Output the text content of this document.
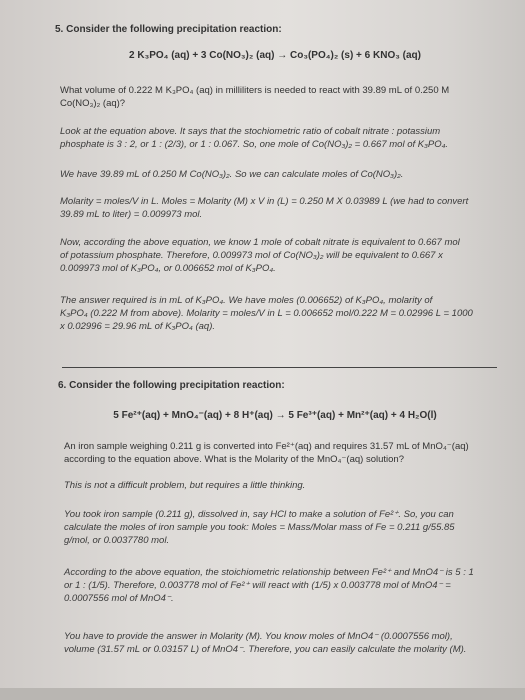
5. Consider the following precipitation reaction:
2 K₃PO₄ (aq) + 3 Co(NO₃)₂ (aq) → Co₃(PO₄)₂ (s) + 6 KNO₃ (aq)
What volume of 0.222 M K₃PO₄ (aq) in milliliters is needed to react with 39.89 mL of 0.250 M
Co(NO₃)₂ (aq)?
Look at the equation above. It says that the stochiometric ratio of cobalt nitrate : potassium
phosphate is 3 : 2, or 1 : (2/3), or 1 : 0.067. So, one mole of Co(NO₃)₂ = 0.667 mol of K₃PO₄.
We have 39.89 mL of 0.250 M Co(NO₃)₂. So we can calculate moles of Co(NO₃)₂.
Molarity = moles/V in L. Moles = Molarity (M) x V in (L) = 0.250 M X 0.03989 L (we had to convert
39.89 mL to liter) = 0.009973 mol.
Now, according the above equation, we know 1 mole of cobalt nitrate is equivalent to 0.667 mol
of potassium phosphate. Therefore, 0.009973 mol of Co(NO₃)₂ will be equivalent to 0.667 x
0.009973 mol of K₃PO₄, or 0.006652 mol of K₃PO₄.
The answer required is in mL of K₃PO₄. We have moles (0.006652) of K₃PO₄, molarity of
K₃PO₄ (0.222 M from above). Molarity = moles/V in L = 0.006652 mol/0.222 M = 0.02996 L = 1000
x 0.02996 = 29.96 mL of K₃PO₄ (aq).
6. Consider the following precipitation reaction:
5 Fe²⁺(aq) + MnO₄⁻(aq) + 8 H⁺(aq) → 5 Fe³⁺(aq) + Mn²⁺(aq) + 4 H₂O(l)
An iron sample weighing 0.211 g is converted into Fe²⁺(aq) and requires 31.57 mL of MnO₄⁻(aq)
according to the equation above. What is the Molarity of the MnO₄⁻(aq) solution?
This is not a difficult problem, but requires a little thinking.
You took iron sample (0.211 g), dissolved in, say HCl to make a solution of Fe²⁺. So, you can
calculate the moles of iron sample you took: Moles = Mass/Molar mass of Fe = 0.211 g/55.85
g/mol, or 0.0037780 mol.
According to the above equation, the stoichiometric relationship between Fe²⁺ and MnO4⁻ is 5 : 1
or 1 : (1/5). Therefore, 0.003778 mol of Fe²⁺ will react with (1/5) x 0.003778 mol of MnO4⁻ =
0.0007556 mol of MnO4⁻.
You have to provide the answer in Molarity (M). You know moles of MnO4⁻ (0.0007556 mol),
volume (31.57 mL or 0.03157 L) of MnO4⁻. Therefore, you can easily calculate the molarity (M).
